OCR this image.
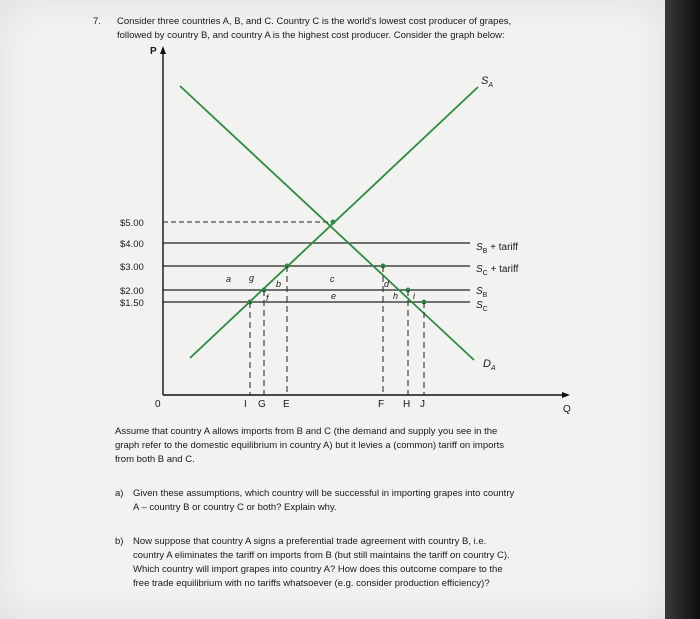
7. Consider three countries A, B, and C. Country C is the world's lowest cost producer of grapes,
followed by country B, and country A is the highest cost producer. Consider the graph below:
P
Q
0
$5.00
$4.00
$3.00
$2.00
$1.50
a g
b	c	d
f	e	h i
I G E	F H J
$S_A$
$D_A$
$S_B$ + tariff
$S_C$ + tariff
$S_B$
$S_C$
Assume that country A allows imports from B and C (the demand and supply you see in the
graph refer to the domestic equilibrium in country A) but it levies a (common) tariff on imports
from both B and C.
a) Given these assumptions, which country will be successful in importing grapes into country
A – country B or country C or both? Explain why.
b) Now suppose that country A signs a preferential trade agreement with country B, i.e.
country A eliminates the tariff on imports from B (but still maintains the tariff on country C).
Which country will import grapes into country A? How does this outcome compare to the
free trade equilibrium with no tariffs whatsoever (e.g. consider production efficiency)?
